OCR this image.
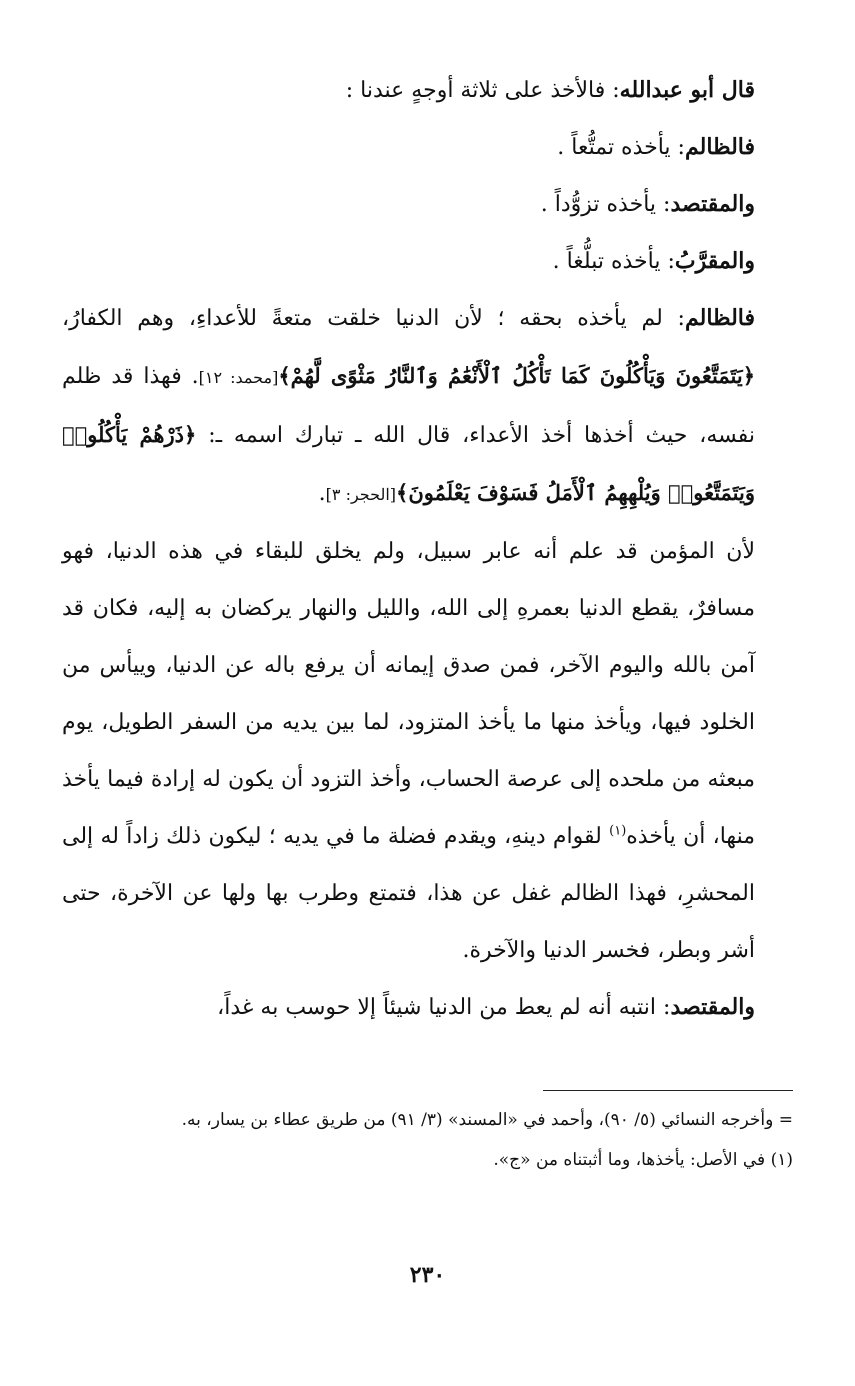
قال أبو عبدالله: فالأخذ على ثلاثة أوجهٍ عندنا :

فالظالم: يأخذه تمتُّعاً .

والمقتصد: يأخذه تزوُّداً .

والمقرَّبُ: يأخذه تبلُّغاً .

فالظالم: لم يأخذه بحقه ؛ لأن الدنيا خلقت متعةً للأعداءِ، وهم الكفارُ، ﴿يَتَمَتَّعُونَ وَيَأْكُلُونَ كَمَا تَأْكُلُ ٱلْأَنْعَٰمُ وَٱلنَّارُ مَثْوًى لَّهُمْ﴾[محمد: ١٢]. فهذا قد ظلم نفسه، حيث أخذها أخذ الأعداء، قال الله ـ تبارك اسمه ـ: ﴿ذَرْهُمْ يَأْكُلُوا۟ وَيَتَمَتَّعُوا۟ وَيُلْهِهِمُ ٱلْأَمَلُ فَسَوْفَ يَعْلَمُونَ﴾[الحجر: ٣].

لأن المؤمن قد علم أنه عابر سبيل، ولم يخلق للبقاء في هذه الدنيا، فهو مسافرٌ، يقطع الدنيا بعمرهِ إلى الله، والليل والنهار يركضان به إليه، فكان قد آمن بالله واليوم الآخر، فمن صدق إيمانه أن يرفع باله عن الدنيا، وييأس من الخلود فيها، ويأخذ منها ما يأخذ المتزود، لما بين يديه من السفر الطويل، يوم مبعثه من ملحده إلى عرصة الحساب، وأخذ التزود أن يكون له إرادة فيما يأخذ منها، أن يأخذه$^{(١)}$ لقوام دينهِ، ويقدم فضلة ما في يديه ؛ ليكون ذلك زاداً له إلى المحشرِ، فهذا الظالم غفل عن هذا، فتمتع وطرب بها ولها عن الآخرة، حتى أشر وبطر، فخسر الدنيا والآخرة.

والمقتصد: انتبه أنه لم يعط من الدنيا شيئاً إلا حوسب به غداً،

= وأخرجه النسائي (٥/ ٩٠)، وأحمد في «المسند» (٣/ ٩١) من طريق عطاء بن يسار، به.

(١) في الأصل: يأخذها، وما أثبتناه من «ج».

٢٣٠
